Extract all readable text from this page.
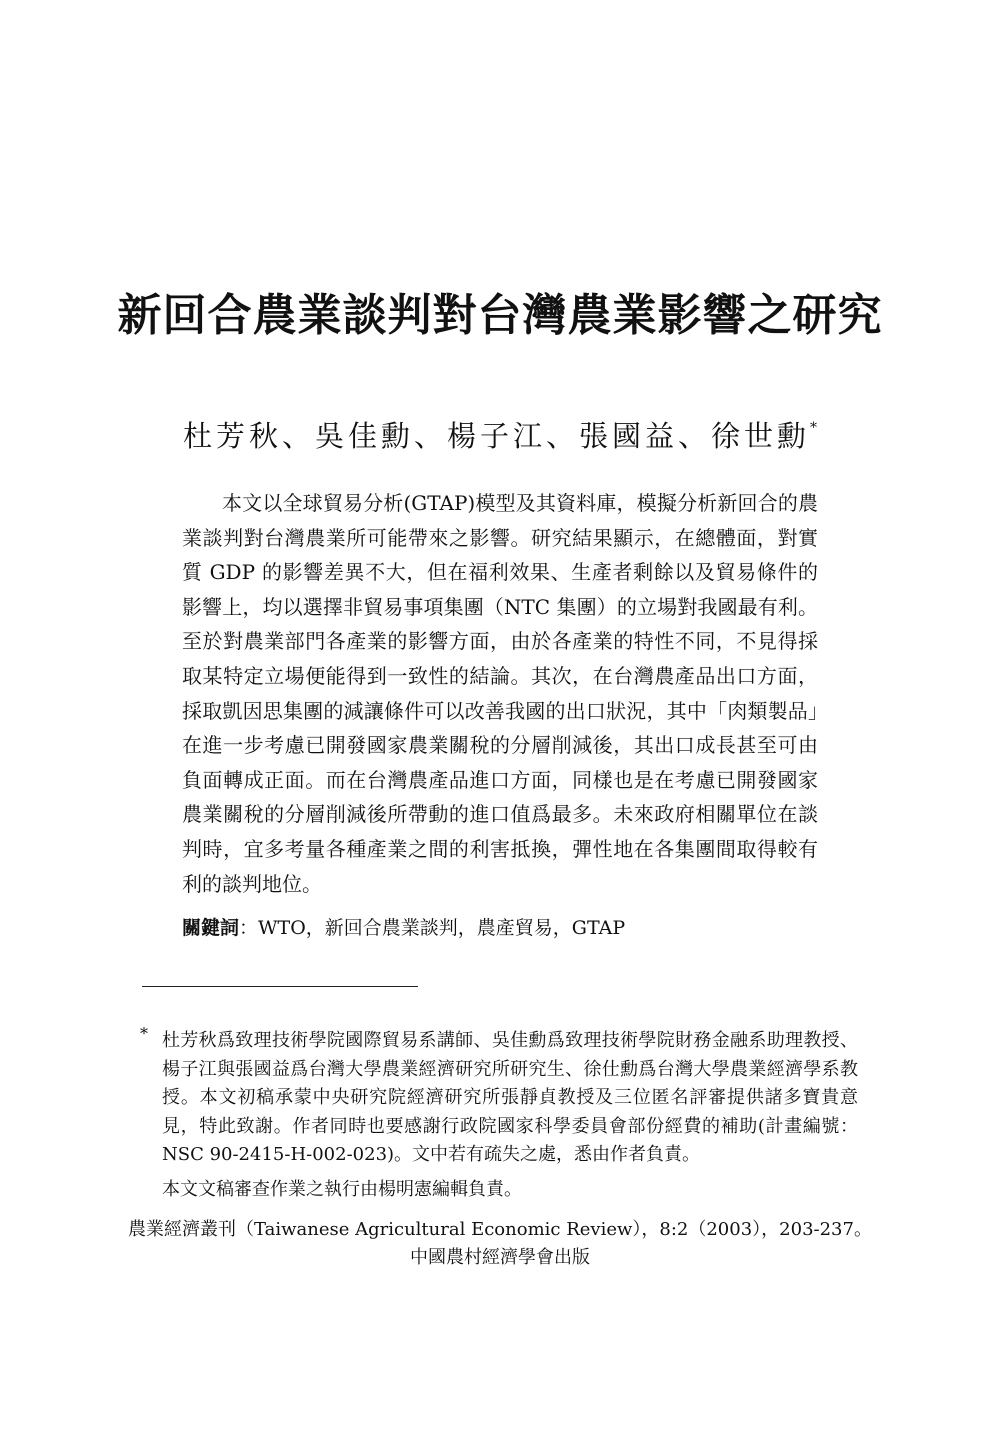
新回合農業談判對台灣農業影響之研究
杜芳秋、吳佳勳、楊子江、張國益、徐世勳*

本文以全球貿易分析(GTAP)模型及其資料庫，模擬分析新回合的農業談判對台灣農業所可能帶來之影響。研究結果顯示，在總體面，對實質 GDP 的影響差異不大，但在福利效果、生產者剩餘以及貿易條件的影響上，均以選擇非貿易事項集團（NTC 集團）的立場對我國最有利。至於對農業部門各產業的影響方面，由於各產業的特性不同，不見得採取某特定立場便能得到一致性的結論。其次，在台灣農產品出口方面，採取凱因思集團的減讓條件可以改善我國的出口狀況，其中「肉類製品」在進一步考慮已開發國家農業關稅的分層削減後，其出口成長甚至可由負面轉成正面。而在台灣農產品進口方面，同樣也是在考慮已開發國家農業關稅的分層削減後所帶動的進口值爲最多。未來政府相關單位在談判時，宜多考量各種產業之間的利害抵換，彈性地在各集團間取得較有利的談判地位。

關鍵詞：WTO，新回合農業談判，農產貿易，GTAP
* 杜芳秋爲致理技術學院國際貿易系講師、吳佳勳爲致理技術學院財務金融系助理教授、楊子江與張國益爲台灣大學農業經濟研究所研究生、徐仕勳爲台灣大學農業經濟學系教授。本文初稿承蒙中央研究院經濟研究所張靜貞教授及三位匿名評審提供諸多寶貴意見，特此致謝。作者同時也要感謝行政院國家科學委員會部份經費的補助(計畫編號：NSC 90-2415-H-002-023)。文中若有疏失之處，悉由作者負責。

本文文稿審查作業之執行由楊明憲編輯負責。

農業經濟叢刊（Taiwanese Agricultural Economic Review），8:2（2003），203-237。
中國農村經濟學會出版
